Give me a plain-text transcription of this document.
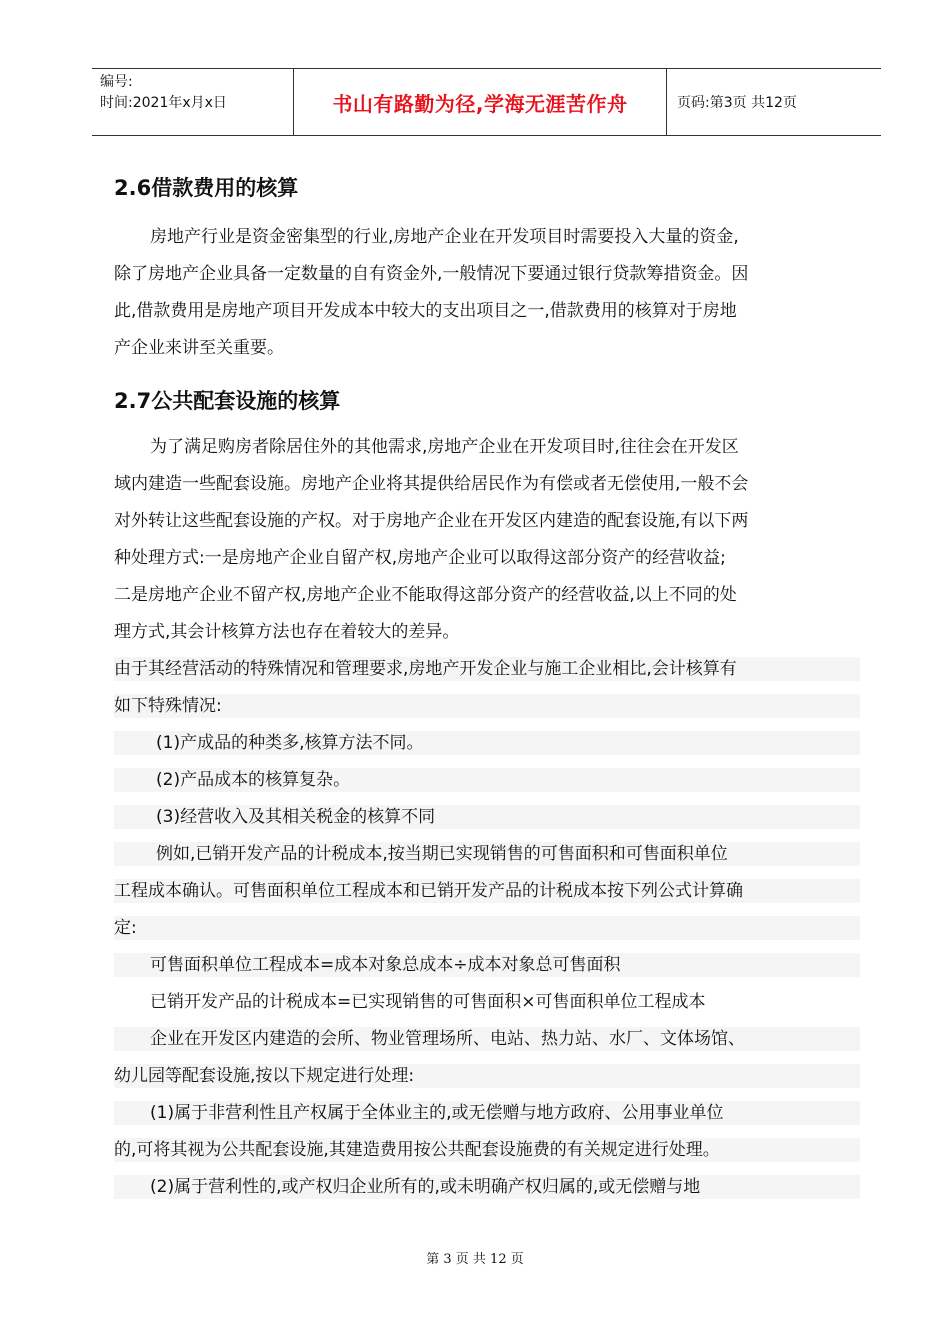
编号:
时间:2021年x月x日	书山有路勤为径,学海无涯苦作舟	页码:第3页 共12页
2.6借款费用的核算
房地产行业是资金密集型的行业,房地产企业在开发项目时需要投入大量的资金,
除了房地产企业具备一定数量的自有资金外,一般情况下要通过银行贷款筹措资金。因
此,借款费用是房地产项目开发成本中较大的支出项目之一,借款费用的核算对于房地
产企业来讲至关重要。
2.7公共配套设施的核算
为了满足购房者除居住外的其他需求,房地产企业在开发项目时,往往会在开发区
域内建造一些配套设施。房地产企业将其提供给居民作为有偿或者无偿使用,一般不会
对外转让这些配套设施的产权。对于房地产企业在开发区内建造的配套设施,有以下两
种处理方式:一是房地产企业自留产权,房地产企业可以取得这部分资产的经营收益;
二是房地产企业不留产权,房地产企业不能取得这部分资产的经营收益,以上不同的处
理方式,其会计核算方法也存在着较大的差异。
由于其经营活动的特殊情况和管理要求,房地产开发企业与施工企业相比,会计核算有
如下特殊情况:
(1)产成品的种类多,核算方法不同。
(2)产品成本的核算复杂。
(3)经营收入及其相关税金的核算不同
例如,已销开发产品的计税成本,按当期已实现销售的可售面积和可售面积单位
工程成本确认。可售面积单位工程成本和已销开发产品的计税成本按下列公式计算确
定:
可售面积单位工程成本=成本对象总成本÷成本对象总可售面积
已销开发产品的计税成本=已实现销售的可售面积×可售面积单位工程成本
企业在开发区内建造的会所、物业管理场所、电站、热力站、水厂、文体场馆、
幼儿园等配套设施,按以下规定进行处理:
(1)属于非营利性且产权属于全体业主的,或无偿赠与地方政府、公用事业单位
的,可将其视为公共配套设施,其建造费用按公共配套设施费的有关规定进行处理。
(2)属于营利性的,或产权归企业所有的,或未明确产权归属的,或无偿赠与地
第 3 页 共 12 页
